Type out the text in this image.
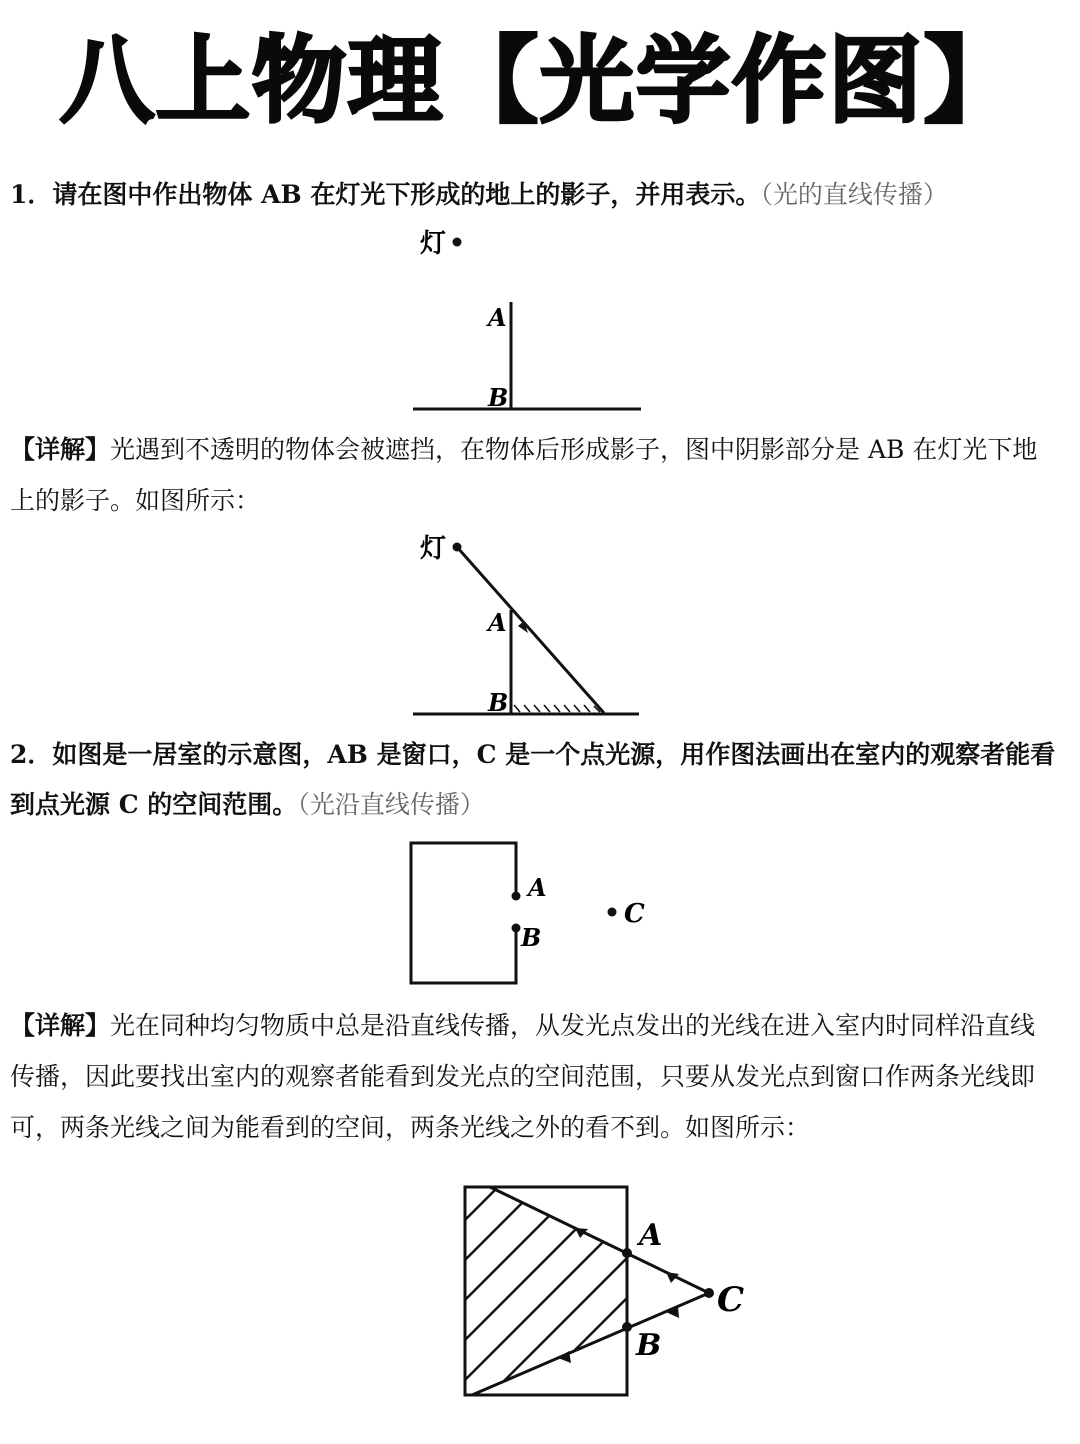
八上物理【光学作图】
1．请在图中作出物体 AB 在灯光下形成的地上的影子，并用表示。（光的直线传播）
灯
A
B
【详解】光遇到不透明的物体会被遮挡，在物体后形成影子，图中阴影部分是 AB 在灯光下地上的影子。如图所示：
灯
A
B
2．如图是一居室的示意图，AB 是窗口，C 是一个点光源，用作图法画出在室内的观察者能看到点光源 C 的空间范围。（光沿直线传播）
A
B
C
【详解】光在同种均匀物质中总是沿直线传播，从发光点发出的光线在进入室内时同样沿直线传播，因此要找出室内的观察者能看到发光点的空间范围，只要从发光点到窗口作两条光线即可，两条光线之间为能看到的空间，两条光线之外的看不到。如图所示：
A
B
C
